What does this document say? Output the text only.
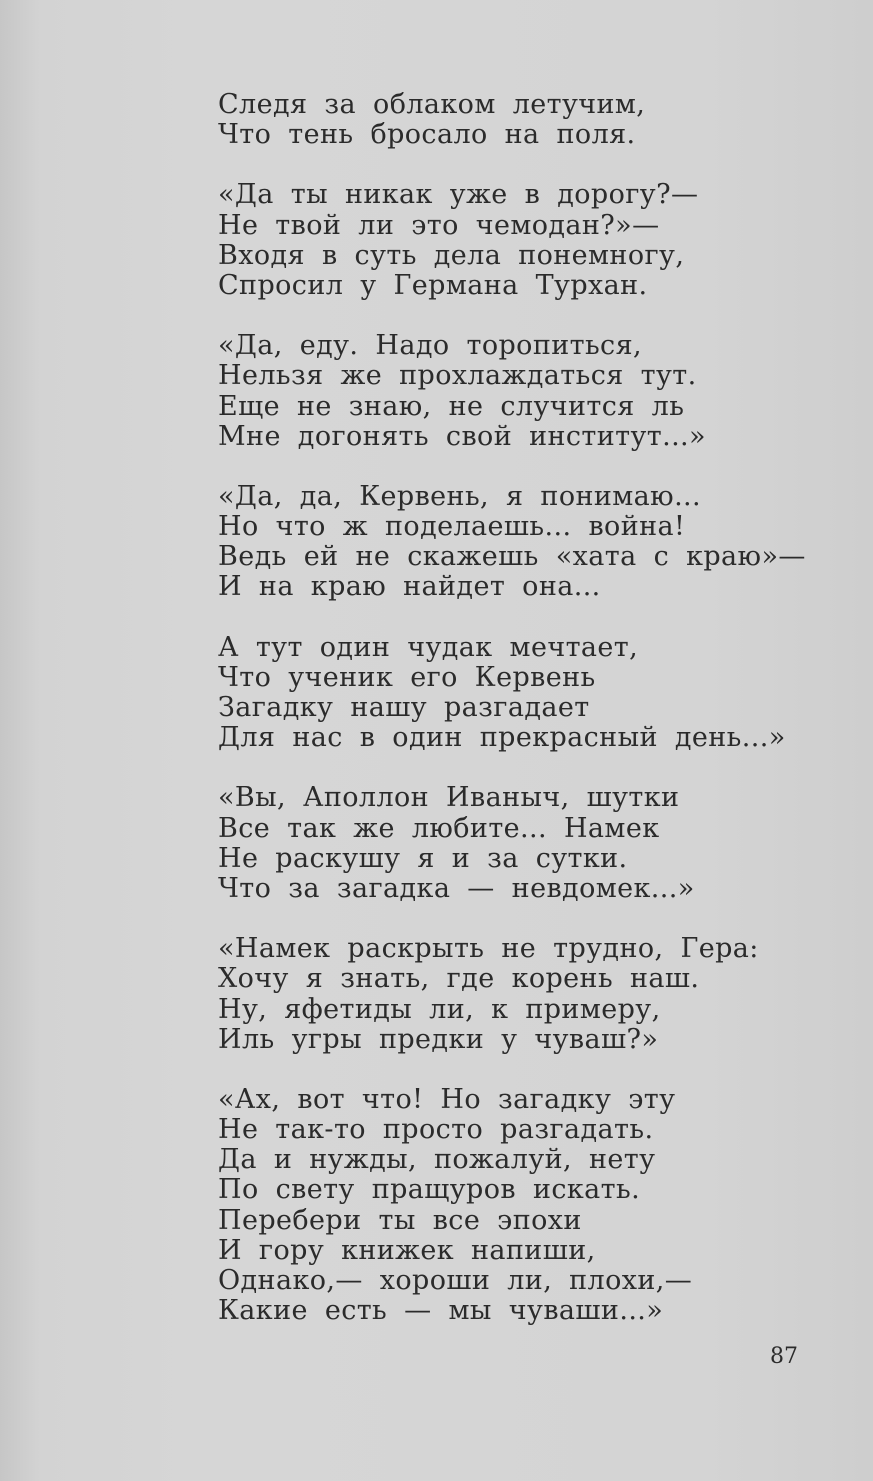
Следя за облаком летучим,
Что тень бросало на поля.
«Да ты никак уже в дорогу?—
Не твой ли это чемодан?»—
Входя в суть дела понемногу,
Спросил у Германа Турхан.
«Да, еду. Надо торопиться,
Нельзя же прохлаждаться тут.
Еще не знаю, не случится ль
Мне догонять свой институт...»
«Да, да, Кервень, я понимаю...
Но что ж поделаешь... война!
Ведь ей не скажешь «хата с краю»—
И на краю найдет она...
А тут один чудак мечтает,
Что ученик его Кервень
Загадку нашу разгадает
Для нас в один прекрасный день...»
«Вы, Аполлон Иваныч, шутки
Все так же любите... Намек
Не раскушу я и за сутки.
Что за загадка — невдомек...»
«Намек раскрыть не трудно, Гера:
Хочу я знать, где корень наш.
Ну, яфетиды ли, к примеру,
Иль угры предки у чуваш?»
«Ах, вот что! Но загадку эту
Не так-то просто разгадать.
Да и нужды, пожалуй, нету
По свету пращуров искать.
Перебери ты все эпохи
И гору книжек напиши,
Однако,— хороши ли, плохи,—
Какие есть — мы чуваши...»
87
